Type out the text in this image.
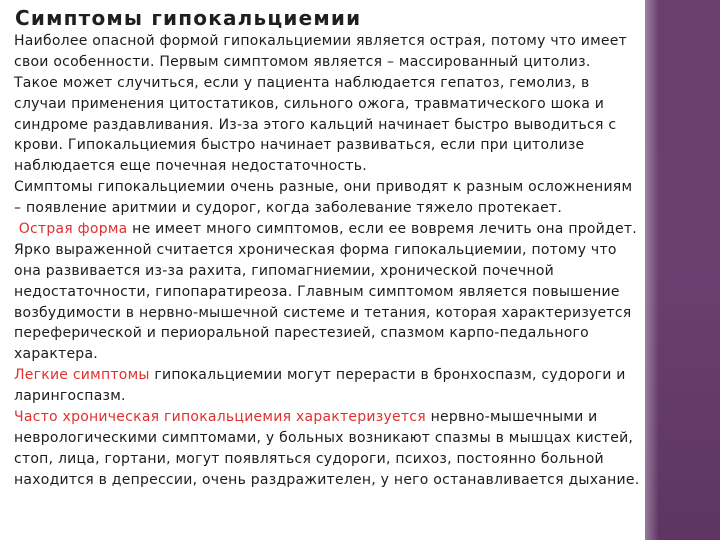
Симптомы гипокальциемии
Наиболее опасной формой гипокальциемии является острая, потому что имеет
свои особенности. Первым симптомом является – массированный цитолиз.
Такое может случиться, если у пациента наблюдается гепатоз, гемолиз, в
случаи применения цитостатиков, сильного ожога, травматического шока и
синдроме раздавливания. Из-за этого кальций начинает быстро выводиться с
крови. Гипокальциемия быстро начинает развиваться, если при цитолизе
наблюдается еще почечная недостаточность.
Симптомы гипокальциемии очень разные, они приводят к разным осложнениям
– появление аритмии и судорог, когда заболевание тяжело протекает.
Острая форма не имеет много симптомов, если ее вовремя лечить она пройдет.
Ярко выраженной считается хроническая форма гипокальциемии, потому что
она развивается из-за рахита, гипомагниемии, хронической почечной
недостаточности, гипопаратиреоза. Главным симптомом является повышение
возбудимости в нервно-мышечной системе и тетания, которая характеризуется
переферической и периоральной парестезией, спазмом карпо-педального
характера.
Легкие симптомы гипокальциемии могут перерасти в бронхоспазм, судороги и
ларингоспазм.
Часто хроническая гипокальциемия характеризуется нервно-мышечными и
неврологическими симптомами, у больных возникают спазмы в мышцах кистей,
стоп, лица, гортани, могут появляться судороги, психоз, постоянно больной
находится в депрессии, очень раздражителен, у него останавливается дыхание.
